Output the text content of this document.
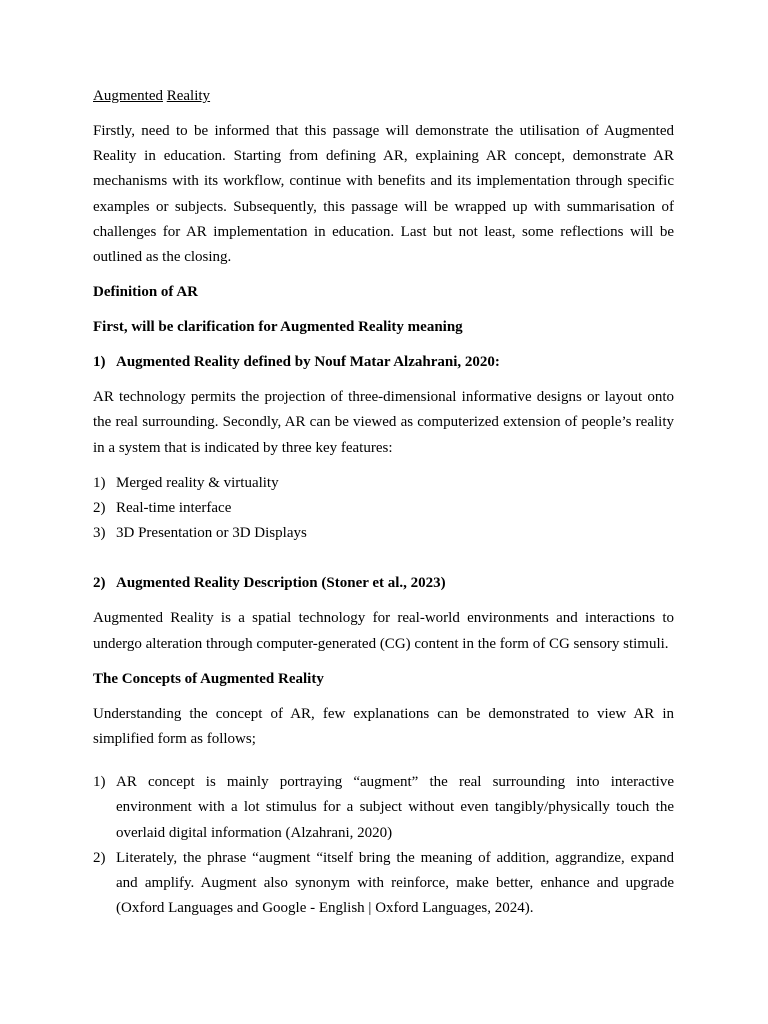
Augmented Reality

Firstly, need to be informed that this passage will demonstrate the utilisation of Augmented Reality in education. Starting from defining AR, explaining AR concept, demonstrate AR mechanisms with its workflow, continue with benefits and its implementation through specific examples or subjects. Subsequently, this passage will be wrapped up with summarisation of challenges for AR implementation in education. Last but not least, some reflections will be outlined as the closing.

Definition of AR
First, will be clarification for Augmented Reality meaning
1) Augmented Reality defined by Nouf Matar Alzahrani, 2020:

AR technology permits the projection of three-dimensional informative designs or layout onto the real surrounding. Secondly, AR can be viewed as computerized extension of people’s reality in a system that is indicated by three key features:

1) Merged reality & virtuality
2) Real-time interface
3) 3D Presentation or 3D Displays
2) Augmented Reality Description (Stoner et al., 2023)

Augmented Reality is a spatial technology for real-world environments and interactions to undergo alteration through computer-generated (CG) content in the form of CG sensory stimuli.

The Concepts of Augmented Reality

Understanding the concept of AR, few explanations can be demonstrated to view AR in simplified form as follows;

1) AR concept is mainly portraying “augment” the real surrounding into interactive environment with a lot stimulus for a subject without even tangibly/physically touch the overlaid digital information (Alzahrani, 2020)
2) Literately, the phrase “augment “itself bring the meaning of addition, aggrandize, expand and amplify. Augment also synonym with reinforce, make better, enhance and upgrade (Oxford Languages and Google - English | Oxford Languages, 2024).
